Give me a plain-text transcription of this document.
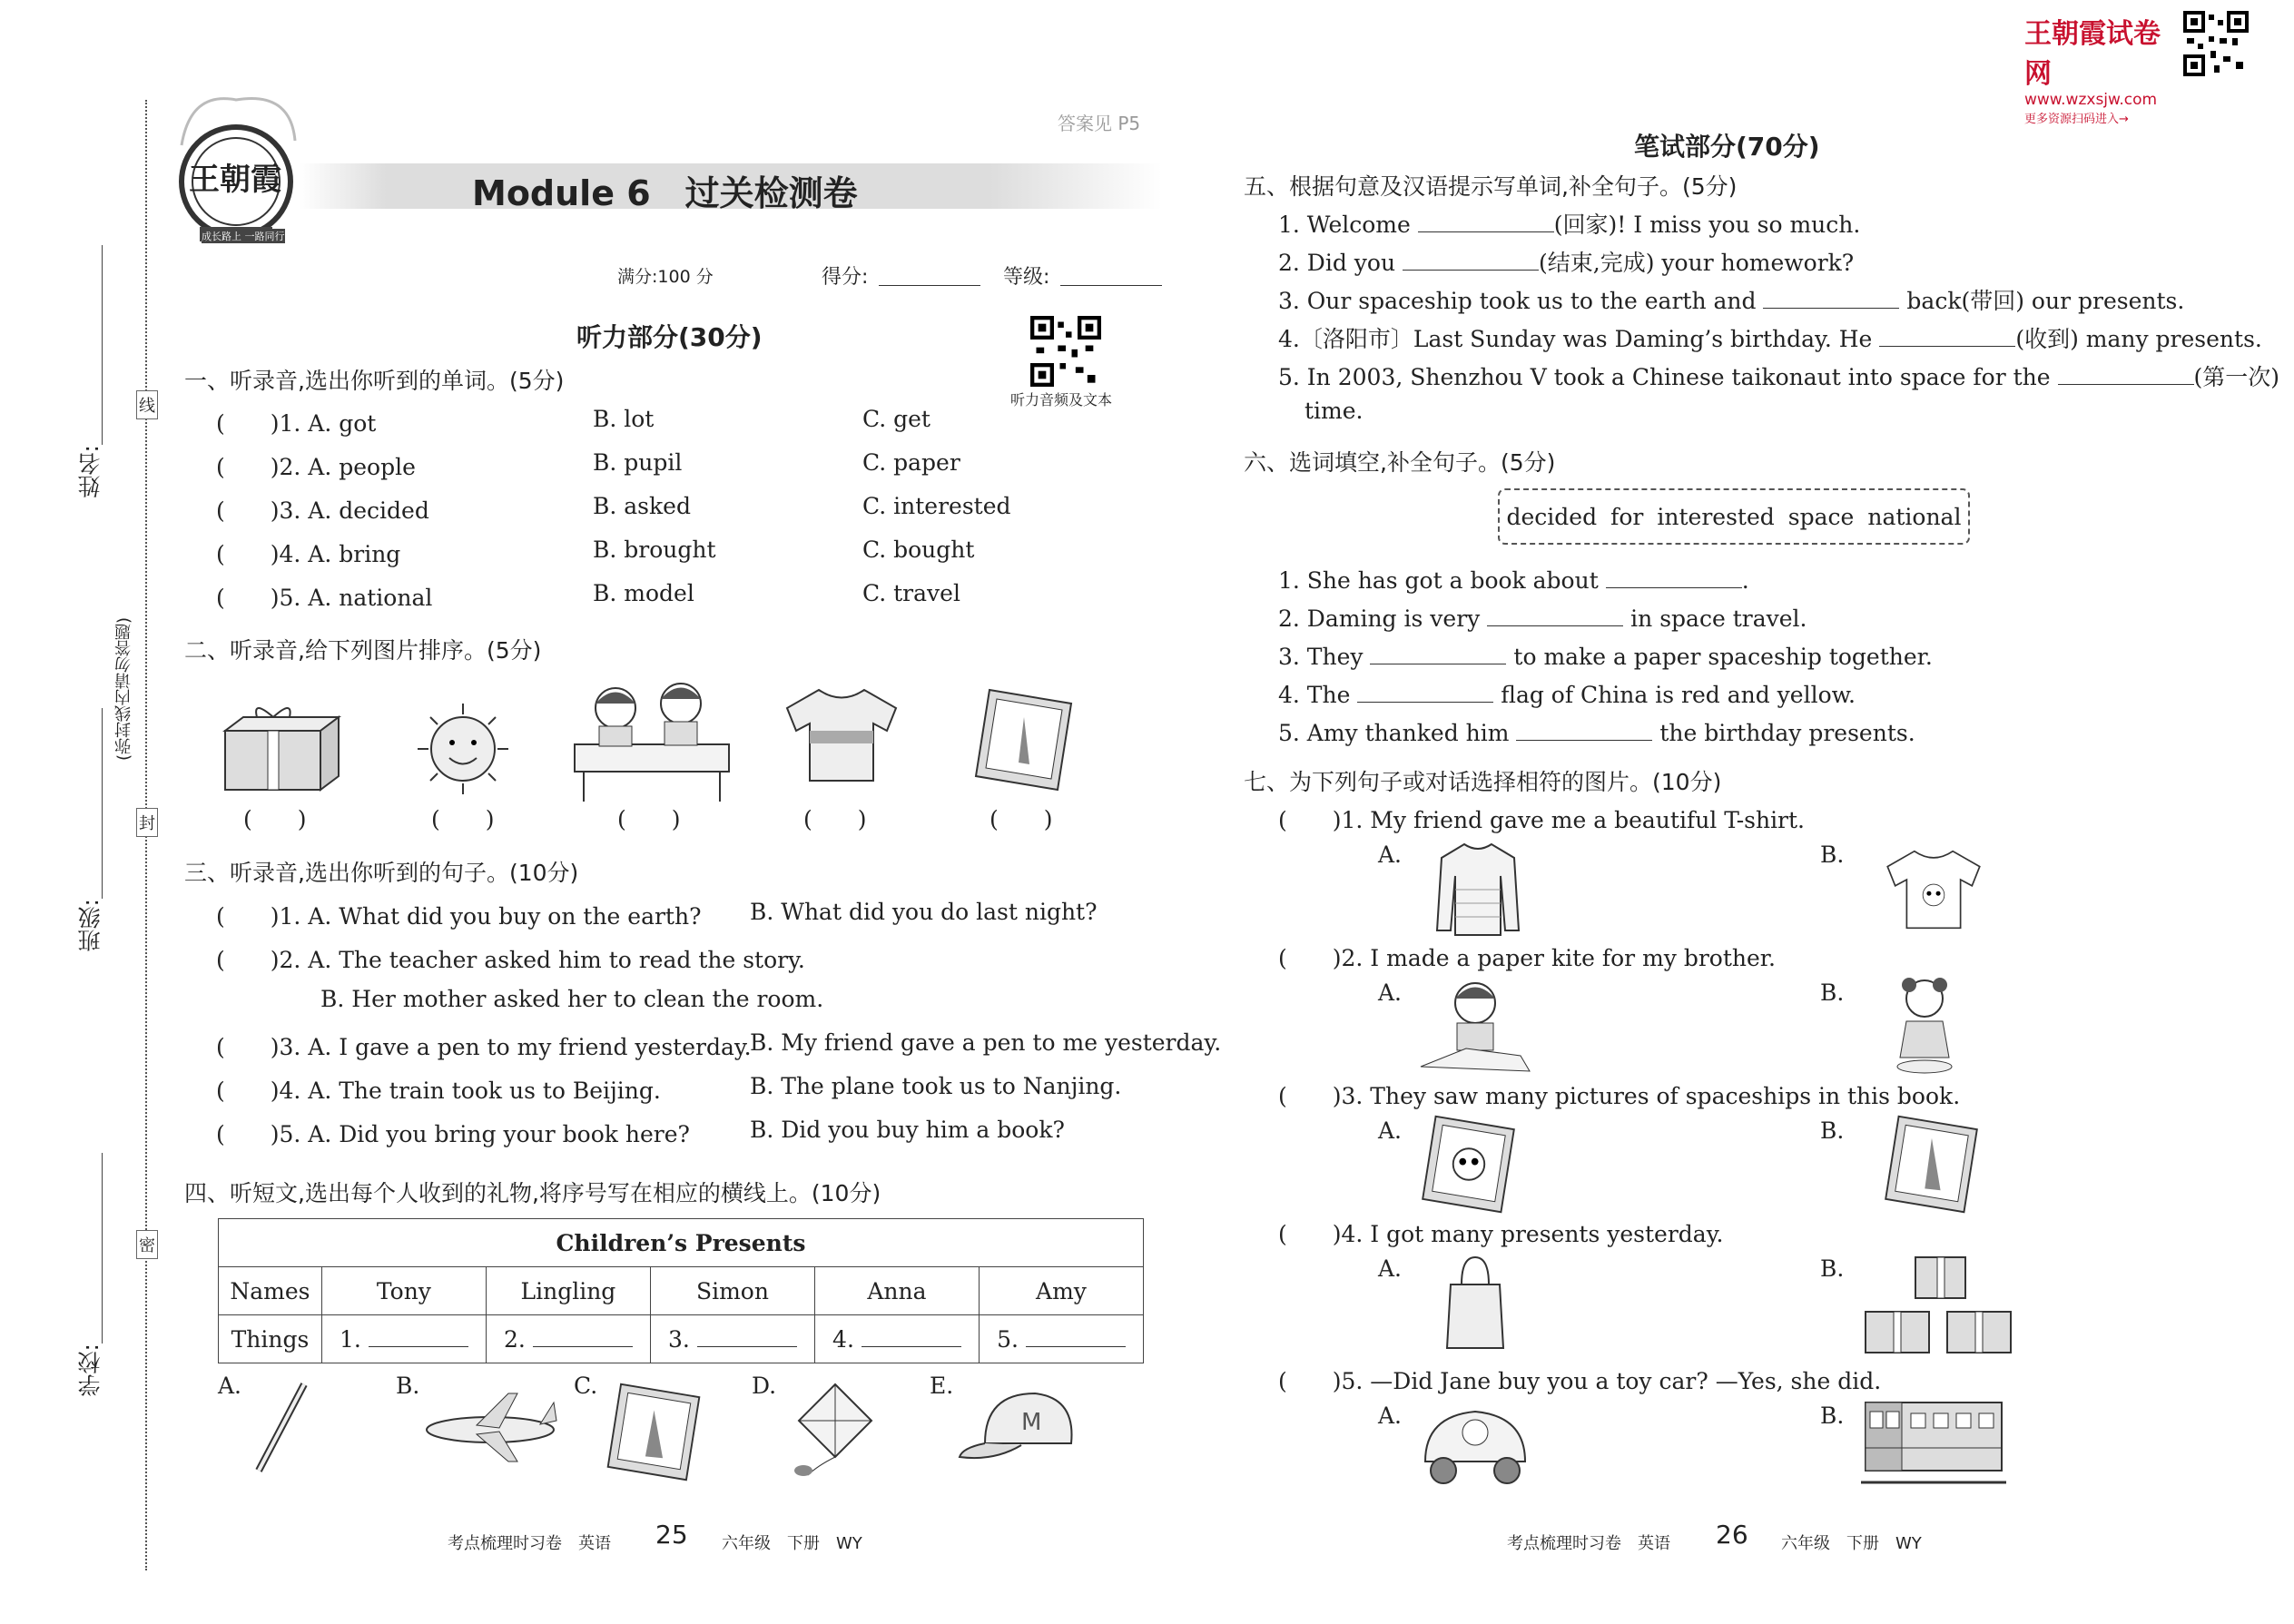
王朝霞试卷网
www.wzxsjw.com
更多资源扫码进入→
姓名:
班级:
学校:
(弥封线内请勿答题)
线
封
密
王朝霞
成长路上 一路同行
答案见 P5
Module 6　过关检测卷
满分:100 分	得分:	等级:
听力部分(30分)
听力音频及文本
一、听录音,选出你听到的单词。(5分)
(　　)1. A. got	B. lot	C. get
(　　)2. A. people	B. pupil	C. paper
(　　)3. A. decided	B. asked	C. interested
(　　)4. A. bring	B. brought	C. bought
(　　)5. A. national	B. model	C. travel
二、听录音,给下列图片排序。(5分)
(　　)	(　　)	(　　)	(　　)	(　　)
三、听录音,选出你听到的句子。(10分)
(　　)1. A. What did you buy on the earth? B. What did you do last night?
(　　)2. A. The teacher asked him to read the story.
B. Her mother asked her to clean the room.
(　　)3. A. I gave a pen to my friend yesterday.
B. My friend gave a pen to me yesterday.
(　　)4. A. The train took us to Beijing.	B. The plane took us to Nanjing.
(　　)5. A. Did you bring your book here?	B. Did you buy him a book?
四、听短文,选出每个人收到的礼物,将序号写在相应的横线上。(10分)
Children’s Presents					
Names	Tony	Lingling	Simon	Anna	Amy
Things	1.	2.	3.	4.	5.
A.	B.	C.	D.	E.
M
考点梳理时习卷　英语 25 六年级　下册　WY
笔试部分(70分)
五、根据句意及汉语提示写单词,补全句子。(5分)
1. Welcome	(回家)! I miss you so much.
2. Did you	(结束,完成) your homework?
3. Our spaceship took us to the earth and	back(带回) our presents.
4.〔洛阳市〕Last Sunday was Daming’s birthday. He	(收到) many presents.
5. In 2003, Shenzhou V took a Chinese taikonaut into space for the	(第一次)
time.
六、选词填空,补全句子。(5分)
decided for interested space national
1. She has got a book about	.
2. Daming is very	in space travel.
3. They	to make a paper spaceship together.
4. The	flag of China is red and yellow.
5. Amy thanked him	the birthday presents.
七、为下列句子或对话选择相符的图片。(10分)
(　　)1. My friend gave me a beautiful T-shirt.
A.	B.
(　　)2. I made a paper kite for my brother.
A.	B.
(　　)3. They saw many pictures of spaceships in this book.
A.	B.
(　　)4. I got many presents yesterday.
A.	B.
(　　)5. —Did Jane buy you a toy car? —Yes, she did.
A.	B.
考点梳理时习卷　英语 26 六年级　下册　WY
